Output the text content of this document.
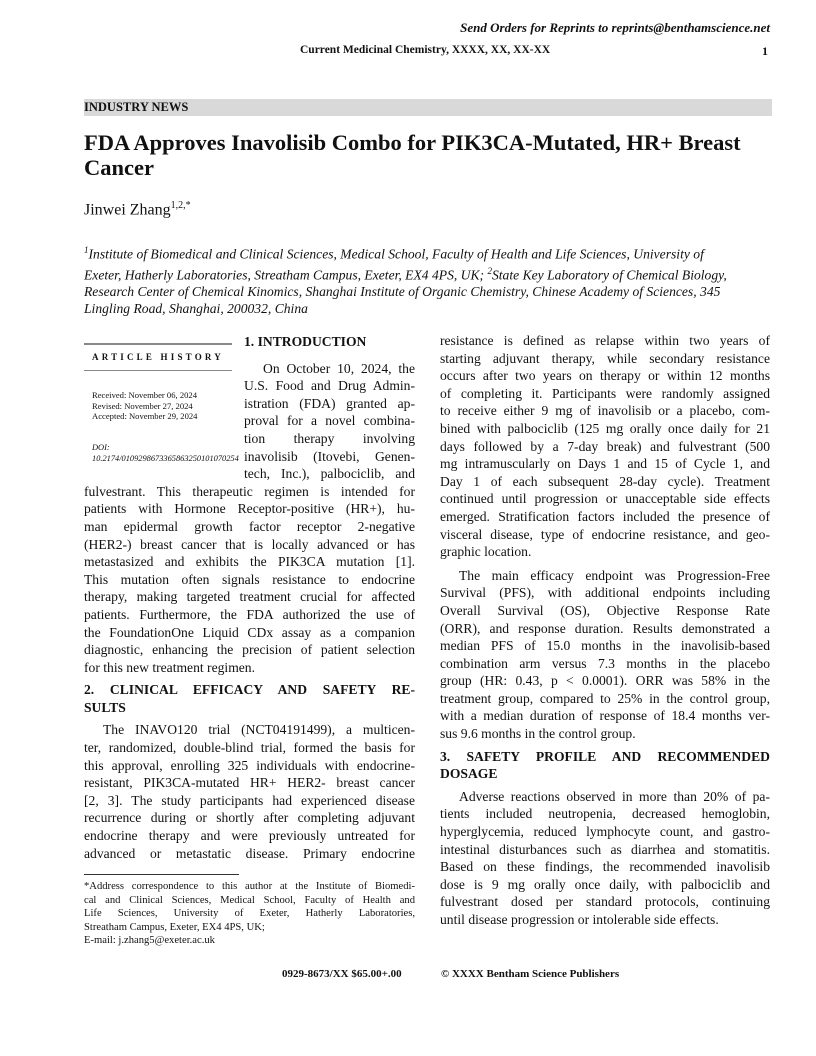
Send Orders for Reprints to reprints@benthamscience.net
Current Medicinal Chemistry, XXXX, XX, XX-XX	1
INDUSTRY NEWS
FDA Approves Inavolisib Combo for PIK3CA-Mutated, HR+ Breast Cancer
Jinwei Zhang$^{1,2,*}$
$^1$Institute of Biomedical and Clinical Sciences, Medical School, Faculty of Health and Life Sciences, University of Exeter, Hatherly Laboratories, Streatham Campus, Exeter, EX4 4PS, UK; $^2$State Key Laboratory of Chemical Biology, Research Center of Chemical Kinomics, Shanghai Institute of Organic Chemistry, Chinese Academy of Sciences, 345 Lingling Road, Shanghai, 200032, China
ARTICLE HISTORY
Received: November 06, 2024
Revised: November 27, 2024
Accepted: November 29, 2024
DOI:
10.2174/0109298673365863250101070254
1. INTRODUCTION
On October 10, 2024, the
U.S. Food and Drug Admin-
istration (FDA) granted ap-
proval for a novel combina-
tion therapy involving
inavolisib (Itovebi, Genen-
tech, Inc.), palbociclib, and
fulvestrant. This therapeutic regimen is intended for
patients with Hormone Receptor-positive (HR+), hu-
man epidermal growth factor receptor 2-negative
(HER2-) breast cancer that is locally advanced or has
metastasized and exhibits the PIK3CA mutation [1].
This mutation often signals resistance to endocrine
therapy, making targeted treatment crucial for affected
patients. Furthermore, the FDA authorized the use of
the FoundationOne Liquid CDx assay as a companion
diagnostic, enhancing the precision of patient selection
for this new treatment regimen.
2. CLINICAL EFFICACY AND SAFETY RE-
SULTS
The INAVO120 trial (NCT04191499), a multicen-
ter, randomized, double-blind trial, formed the basis for
this approval, enrolling 325 individuals with endocrine-
resistant, PIK3CA-mutated HR+ HER2- breast cancer
[2, 3]. The study participants had experienced disease
recurrence during or shortly after completing adjuvant
endocrine therapy and were previously untreated for
advanced or metastatic disease. Primary endocrine
*Address correspondence to this author at the Institute of Biomedi-
cal and Clinical Sciences, Medical School, Faculty of Health and
Life Sciences, University of Exeter, Hatherly Laboratories,
Streatham Campus, Exeter, EX4 4PS, UK;
E-mail: j.zhang5@exeter.ac.uk
resistance is defined as relapse within two years of
starting adjuvant therapy, while secondary resistance
occurs after two years on therapy or within 12 months
of completing it. Participants were randomly assigned
to receive either 9 mg of inavolisib or a placebo, com-
bined with palbociclib (125 mg orally once daily for 21
days followed by a 7-day break) and fulvestrant (500
mg intramuscularly on Days 1 and 15 of Cycle 1, and
Day 1 of each subsequent 28-day cycle). Treatment
continued until progression or unacceptable side effects
emerged. Stratification factors included the presence of
visceral disease, type of endocrine resistance, and geo-
graphic location.
The main efficacy endpoint was Progression-Free
Survival (PFS), with additional endpoints including
Overall Survival (OS), Objective Response Rate
(ORR), and response duration. Results demonstrated a
median PFS of 15.0 months in the inavolisib-based
combination arm versus 7.3 months in the placebo
group (HR: 0.43, p < 0.0001). ORR was 58% in the
treatment group, compared to 25% in the control group,
with a median duration of response of 18.4 months ver-
sus 9.6 months in the control group.
3. SAFETY PROFILE AND RECOMMENDED
DOSAGE
Adverse reactions observed in more than 20% of pa-
tients included neutropenia, decreased hemoglobin,
hyperglycemia, reduced lymphocyte count, and gastro-
intestinal disturbances such as diarrhea and stomatitis.
Based on these findings, the recommended inavolisib
dose is 9 mg orally once daily, with palbociclib and
fulvestrant dosed per standard protocols, continuing
until disease progression or intolerable side effects.
0929-8673/XX $65.00+.00	© XXXX Bentham Science Publishers
